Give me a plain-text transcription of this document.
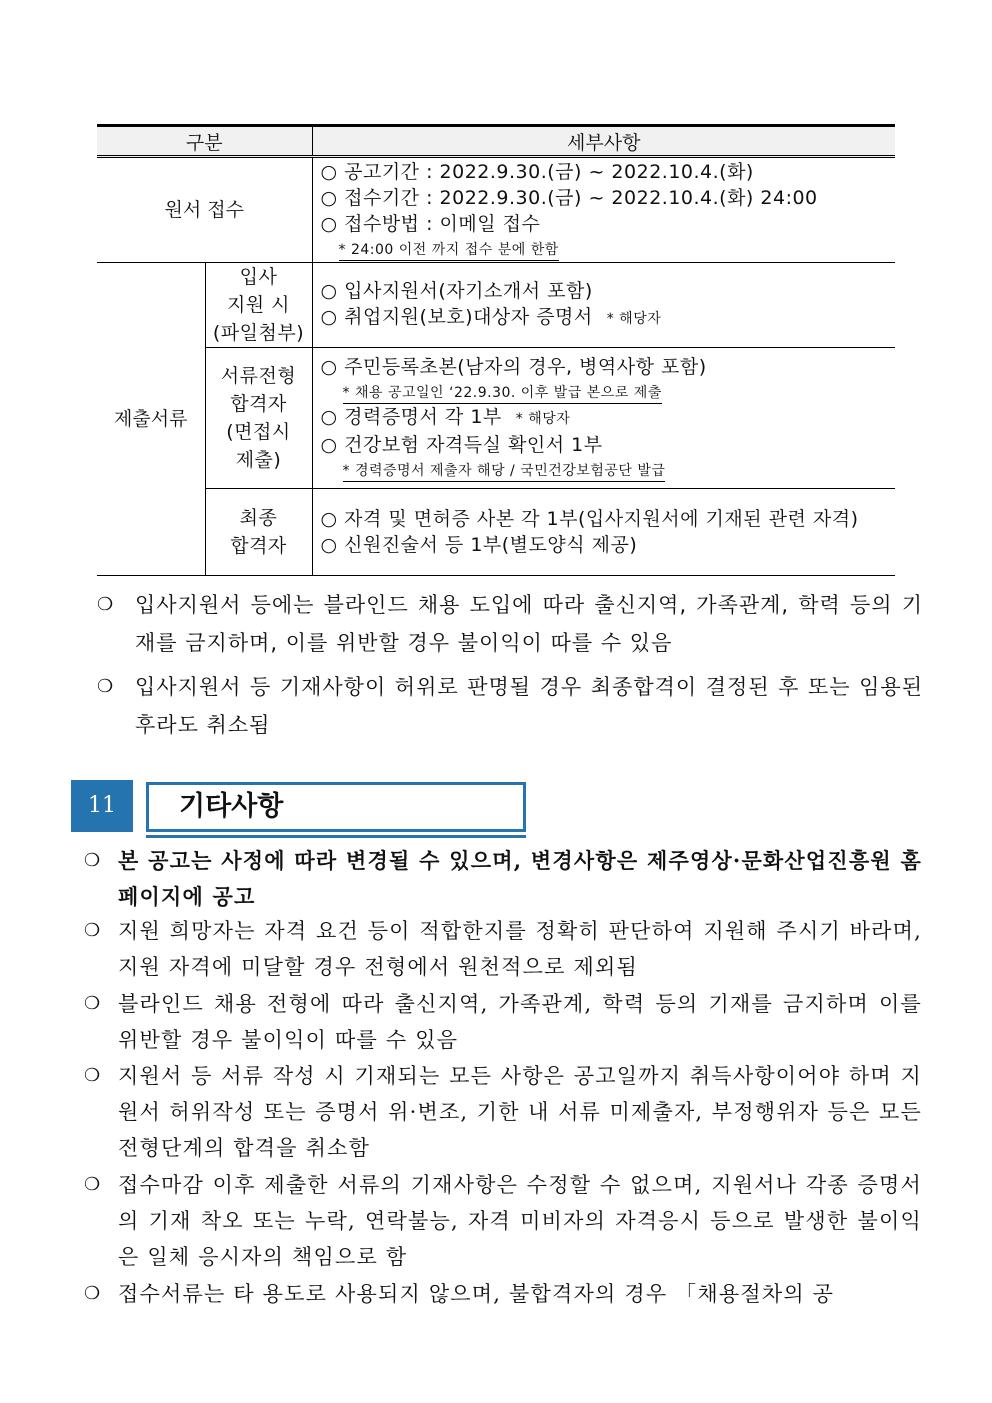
구분		세부사항
원서 접수		○ 공고기간 : 2022.9.30.(금) ~ 2022.10.4.(화)
○ 접수기간 : 2022.9.30.(금) ~ 2022.10.4.(화) 24:00
○ 접수방법 : 이메일 접수
* 24:00 이전 까지 접수 분에 한함
제출서류	입사
지원 시
(파일첨부)	○ 입사지원서(자기소개서 포함)
○ 취업지원(보호)대상자 증명서 * 해당자

	서류전형
합격자
(면접시
제출)	○ 주민등록초본(남자의 경우, 병역사항 포함)
* 채용 공고일인 ‘22.9.30. 이후 발급 본으로 제출
○ 경력증명서 각 1부 * 해당자
○ 건강보험 자격득실 확인서 1부
* 경력증명서 제출자 해당 / 국민건강보험공단 발급

	최종
합격자	○ 자격 및 면허증 사본 각 1부(입사지원서에 기재된 관련 자격)
○ 신원진술서 등 1부(별도양식 제공)
❍ 입사지원서 등에는 블라인드 채용 도입에 따라 출신지역, 가족관계, 학력 등의 기재를 금지하며, 이를 위반할 경우 불이익이 따를 수 있음
❍ 입사지원서 등 기재사항이 허위로 판명될 경우 최종합격이 결정된 후 또는 임용된 후라도 취소됨
11	기타사항
❍ 본 공고는 사정에 따라 변경될 수 있으며, 변경사항은 제주영상·문화산업진흥원 홈페이지에 공고
❍ 지원 희망자는 자격 요건 등이 적합한지를 정확히 판단하여 지원해 주시기 바라며, 지원 자격에 미달할 경우 전형에서 원천적으로 제외됨
❍ 블라인드 채용 전형에 따라 출신지역, 가족관계, 학력 등의 기재를 금지하며 이를 위반할 경우 불이익이 따를 수 있음
❍ 지원서 등 서류 작성 시 기재되는 모든 사항은 공고일까지 취득사항이어야 하며 지원서 허위작성 또는 증명서 위·변조, 기한 내 서류 미제출자, 부정행위자 등은 모든 전형단계의 합격을 취소함
❍ 접수마감 이후 제출한 서류의 기재사항은 수정할 수 없으며, 지원서나 각종 증명서의 기재 착오 또는 누락, 연락불능, 자격 미비자의 자격응시 등으로 발생한 불이익은 일체 응시자의 책임으로 함
❍ 접수서류는 타 용도로 사용되지 않으며, 불합격자의 경우 「채용절차의 공
